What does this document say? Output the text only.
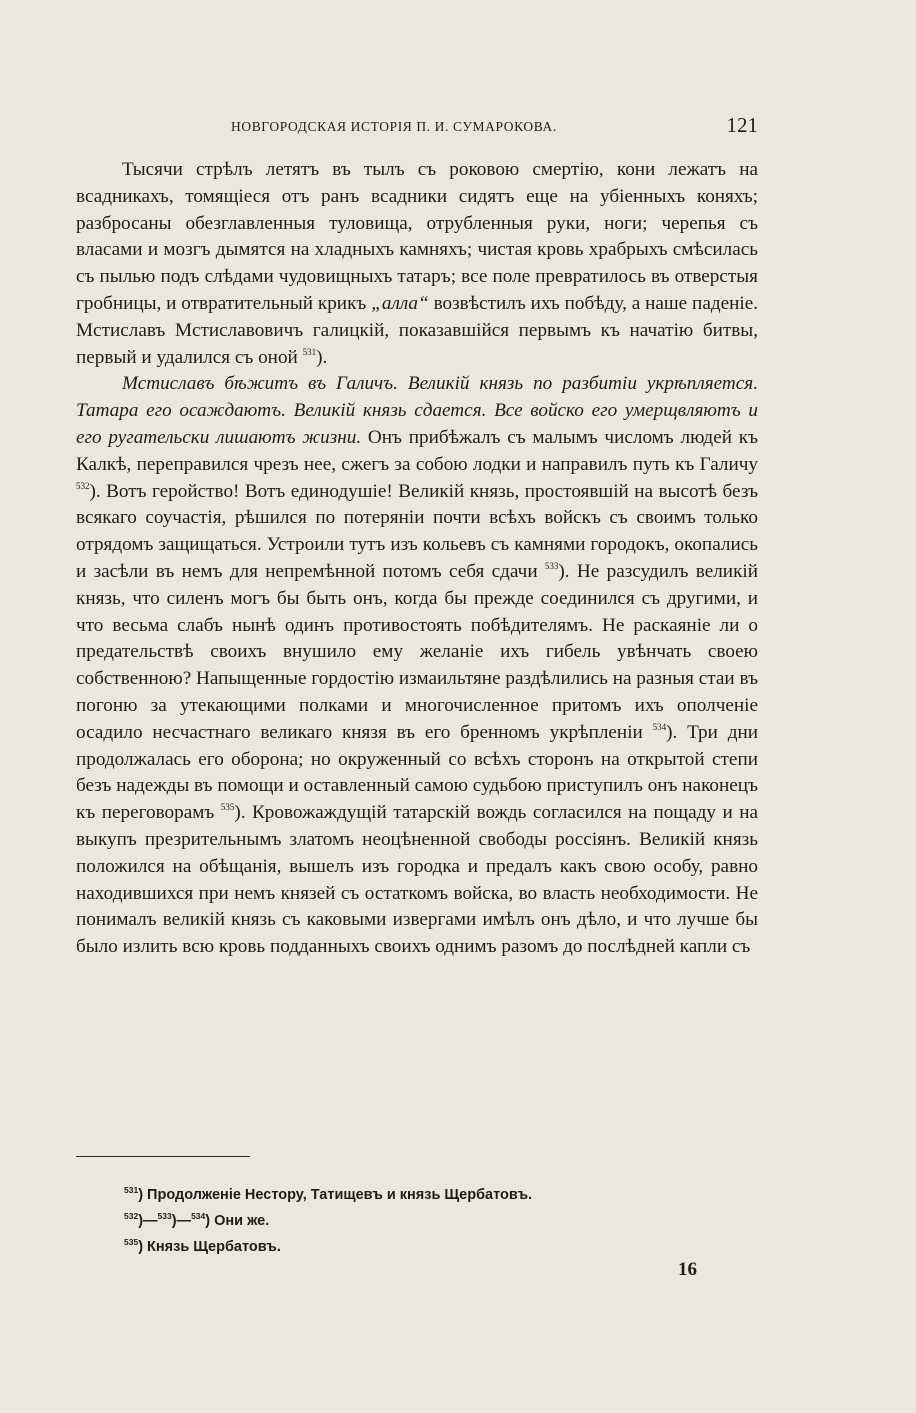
НОВГОРОДСКАЯ ИСТОРІЯ П. И. СУМАРОКОВА.	121

Тысячи стрѣлъ летятъ въ тылъ съ роковою смертію, кони лежатъ на всадникахъ, томящіеся отъ ранъ всадники сидятъ еще на убіенныхъ коняхъ; разбросаны обезглавленныя туловища, отрубленныя руки, ноги; черепья съ власами и мозгъ дымятся на хладныхъ камняхъ; чистая кровь храбрыхъ смѣсилась съ пылью подъ слѣдами чудовищныхъ татаръ; все поле превратилось въ отверстыя гробницы, и отвратительный крикъ „алла“ возвѣстилъ ихъ побѣду, а наше паденіе. Мстиславъ Мстиславовичъ галицкій, показавшійся первымъ къ начатію битвы, первый и удалился съ оной $^{531}$).

Мстиславъ бѣжитъ въ Галичъ. Великій князь по разбитіи укрѣпляется. Татара его осаждаютъ. Великій князь сдается. Все войско его умерщвляютъ и его ругательски лишаютъ жизни. Онъ прибѣжалъ съ малымъ числомъ людей къ Калкѣ, переправился чрезъ нее, сжегъ за собою лодки и направилъ путь къ Галичу $^{532}$). Вотъ геройство! Вотъ единодушіе! Великій князь, простоявшій на высотѣ безъ всякаго соучастія, рѣшился по потеряніи почти всѣхъ войскъ съ своимъ только отрядомъ защищаться. Устроили тутъ изъ кольевъ съ камнями городокъ, окопались и засѣли въ немъ для непремѣнной потомъ себя сдачи $^{533}$). Не разсудилъ великій князь, что силенъ могъ бы быть онъ, когда бы прежде соединился съ другими, и что весьма слабъ нынѣ одинъ противостоять побѣдителямъ. Не раскаяніе ли о предательствѣ своихъ внушило ему желаніе ихъ гибель увѣнчать своею собственною? Напыщенные гордостію измаильтяне раздѣлились на разныя стаи въ погоню за утекающими полками и многочисленное притомъ ихъ ополченіе осадило несчастнаго великаго князя въ его бренномъ укрѣпленіи $^{534}$). Три дни продолжалась его оборона; но окруженный со всѣхъ сторонъ на открытой степи безъ надежды въ помощи и оставленный самою судьбою приступилъ онъ наконецъ къ переговорамъ $^{535}$). Кровожаждущій татарскій вождь согласился на пощаду и на выкупъ презрительнымъ златомъ неоцѣненной свободы россіянъ. Великій князь положился на обѣщанія, вышелъ изъ городка и предалъ какъ свою особу, равно находившихся при немъ князей съ остаткомъ войска, во власть необходимости. Не понималъ великій князь съ каковыми извергами имѣлъ онъ дѣло, и что лучше бы было излить всю кровь подданныхъ своихъ однимъ разомъ до послѣдней капли съ

$^{531}$) Продолженіе Нестору, Татищевъ и князь Щербатовъ.
$^{532}$)—$^{533}$)—$^{534}$) Они же.
$^{535}$) Князь Щербатовъ.
16
